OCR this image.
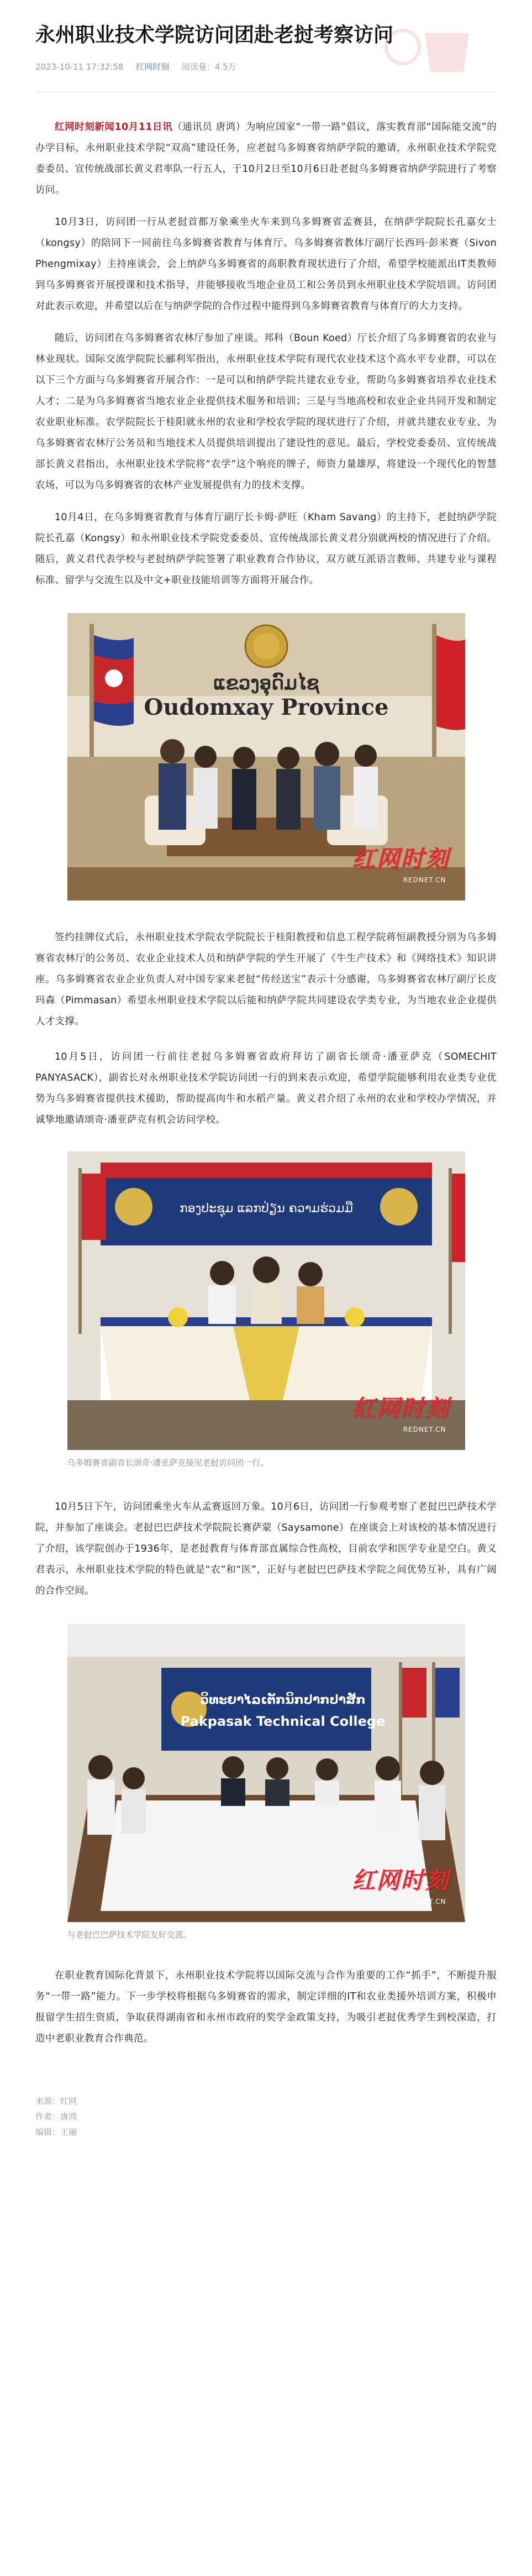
永州职业技术学院访问团赴老挝考察访问
2023-10-11 17:32:58 红网时刻 阅读量：4.5万

红网时刻新闻10月11日讯（通讯员 唐鸿）为响应国家“一带一路”倡议，落实教育部“国际能交流”的办学目标，永州职业技术学院“双高”建设任务，应老挝乌多姆赛省纳萨学院的邀请，永州职业技术学院党委委员、宣传统战部长黄义君率队一行五人，于10月2日至10月6日赴老挝乌多姆赛省纳萨学院进行了考察访问。

10月3日，访问团一行从老挝首都万象乘坐火车来到乌多姆赛省孟赛县，在纳萨学院院长孔嘉女士（kongsy）的陪同下一同前往乌多姆赛省教育与体育厅。乌多姆赛省教体厅副厅长西玛·彭米赛（Sivon Phengmixay）主持座谈会，会上纳萨乌多姆赛省的高职教育现状进行了介绍，希望学校能派出IT类教师到乌多姆赛省开展授课和技术指导，并能够接收当地企业员工和公务员到永州职业技术学院培训。访问团对此表示欢迎，并希望以后在与纳萨学院的合作过程中能得到乌多姆赛省教育与体育厅的大力支持。

随后，访问团在乌多姆赛省农林厅参加了座谈。邦科（Boun Koed）厅长介绍了乌多姆赛省的农业与林业现状。国际交流学院院长郦利军指出，永州职业技术学院有现代农业技术这个高水平专业群，可以在以下三个方面与乌多姆赛省开展合作：一是可以和纳萨学院共建农业专业，帮助乌多姆赛省培养农业技术人才；二是为乌多姆赛省当地农业企业提供技术服务和培训；三是与当地高校和农业企业共同开发和制定农业职业标准。农学院院长于桂阳就永州的农业和学校农学院的现状进行了介绍，并就共建农业专业、为乌多姆赛省农林厅公务员和当地技术人员提供培训提出了建设性的意见。最后，学校党委委员、宣传统战部长黄义君指出，永州职业技术学院将“农学”这个响亮的牌子，师资力量雄厚，将建设一个现代化的智慧农场，可以为乌多姆赛省的农林产业发展提供有力的技术支撑。

10月4日，在乌多姆赛省教育与体育厅副厅长卡姆·萨旺（Kham Savang）的主持下，老挝纳萨学院院长孔嘉（Kongsy）和永州职业技术学院党委委员、宣传统战部长黄义君分别就两校的情况进行了介绍。随后，黄义君代表学校与老挝纳萨学院签署了职业教育合作协议，双方就互派语言教师、共建专业与课程标准、留学与交流生以及中文+职业技能培训等方面将开展合作。

ແຂວງອຸດົມໄຊ
Oudomxay Province
红网时刻
REDNET.CN

签约挂牌仪式后，永州职业技术学院农学院院长于桂阳教授和信息工程学院蒋恒副教授分别为乌多姆赛省农林厅的公务员、农业企业技术人员和纳萨学院的学生开展了《牛生产技术》和《网络技术》知识讲座。乌多姆赛省农业企业负责人对中国专家来老挝“传经送宝”表示十分感谢，乌多姆赛省农林厅副厅长皮玛森（Pimmasan）希望永州职业技术学院以后能和纳萨学院共同建设农学类专业，为当地农业企业提供人才支撑。

10月5日，访问团一行前往老挝乌多姆赛省政府拜访了副省长颂奇·潘亚萨克（SOMECHIT PANYASACK），副省长对永州职业技术学院访问团一行的到来表示欢迎，希望学院能够利用农业类专业优势为乌多姆赛省提供技术援助，帮助提高肉牛和水稻产量。黄义君介绍了永州的农业和学校办学情况，并诚挚地邀请颂奇·潘亚萨克有机会访问学校。

ກອງປະຊຸມ ແລກປ່ຽນ ຄວາມຮ່ວມມື
红网时刻
REDNET.CN
乌多姆赛省副省长颂奇·潘亚萨克接见老挝访问团一行。

10月5日下午，访问团乘坐火车从孟赛返回万象。10月6日，访问团一行参观考察了老挝巴巴萨技术学院，并参加了座谈会。老挝巴巴萨技术学院院长赛萨蒙（Saysamone）在座谈会上对该校的基本情况进行了介绍，该学院创办于1936年，是老挝教育与体育部直属综合性高校，目前农学和医学专业是空白。黄义君表示，永州职业技术学院的特色就是“农”和“医”，正好与老挝巴巴萨技术学院之间优势互补，具有广阔的合作空间。

ວິທະຍາໄລເຕັກນິກປາກປາສັກ
Pakpasak Technical College
红网时刻
REDNET.CN
与老挝巴巴萨技术学院友好交流。

在职业教育国际化背景下，永州职业技术学院将以国际交流与合作为重要的工作“抓手”，不断提升服务“一带一路”能力。下一步学校将根据乌多姆赛省的需求，制定详细的IT和农业类援外培训方案，积极申报留学生招生资质，争取获得湖南省和永州市政府的奖学金政策支持，为吸引老挝优秀学生到校深造，打造中老职业教育合作典范。

来源：红网
作者：唐鸿
编辑：王融
